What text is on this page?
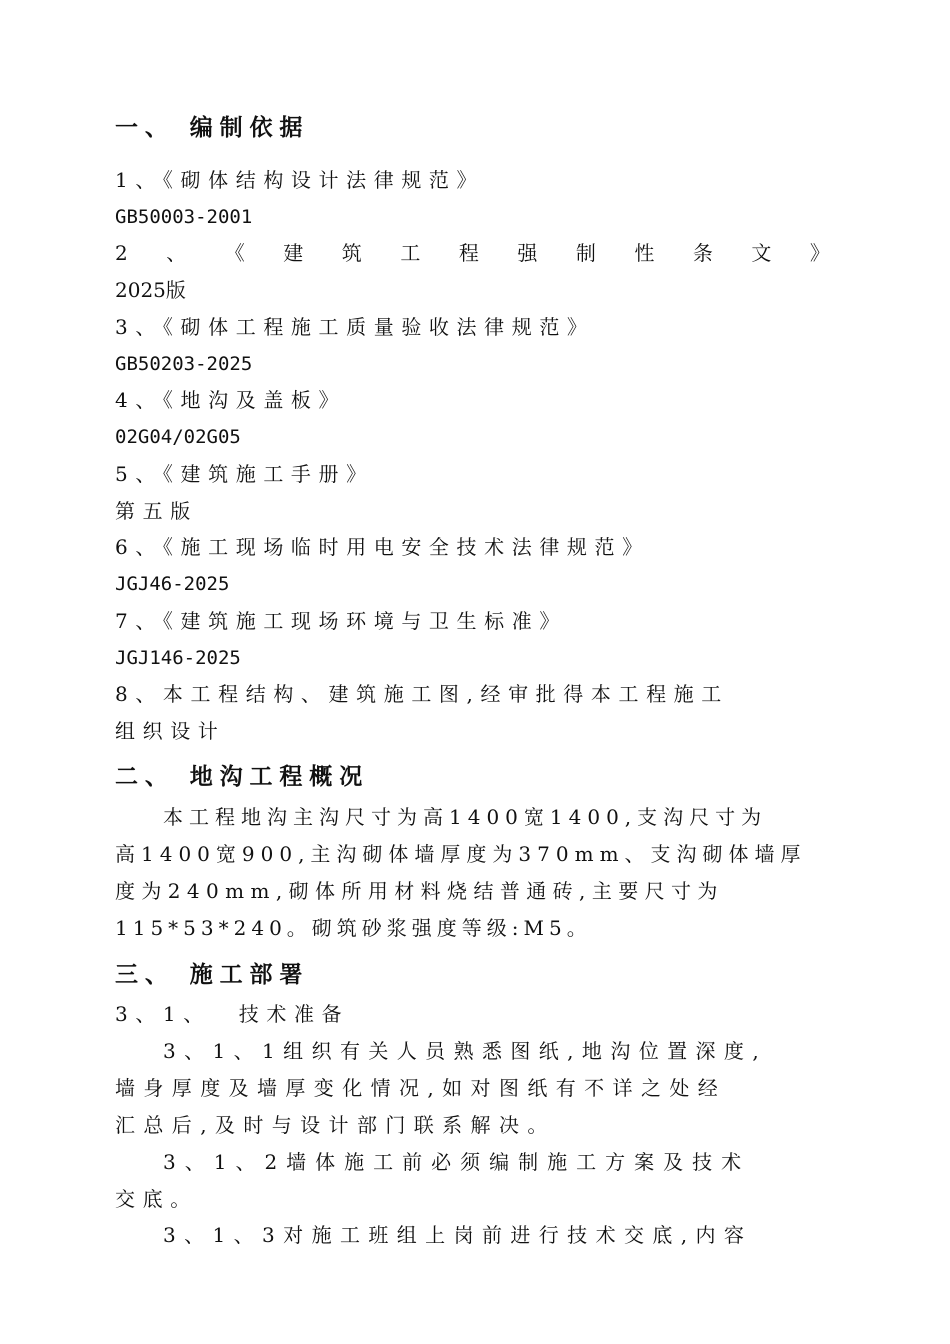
一、 编制依据
1、《砌体结构设计法律规范》
GB50003-2001
2 、 《 建 筑 工 程 强 制 性 条 文 》
2025版
3、《砌体工程施工质量验收法律规范》
GB50203-2025
4、《地沟及盖板》
02G04/02G05
5、《建筑施工手册》
第五版
6、《施工现场临时用电安全技术法律规范》
JGJ46-2025
7、《建筑施工现场环境与卫生标准》
JGJ146-2025
8、本工程结构、建筑施工图,经审批得本工程施工
组织设计
二、 地沟工程概况
本工程地沟主沟尺寸为高1400宽1400,支沟尺寸为
高1400宽900,主沟砌体墙厚度为370mm、支沟砌体墙厚
度为240mm,砌体所用材料烧结普通砖,主要尺寸为
115*53*240。砌筑砂浆强度等级:M5。
三、 施工部署
3、1、  技术准备
3、1、1组织有关人员熟悉图纸,地沟位置深度,
墙身厚度及墙厚变化情况,如对图纸有不详之处经
汇总后,及时与设计部门联系解决。
3、1、2墙体施工前必须编制施工方案及技术
交底。
3、1、3对施工班组上岗前进行技术交底,内容
